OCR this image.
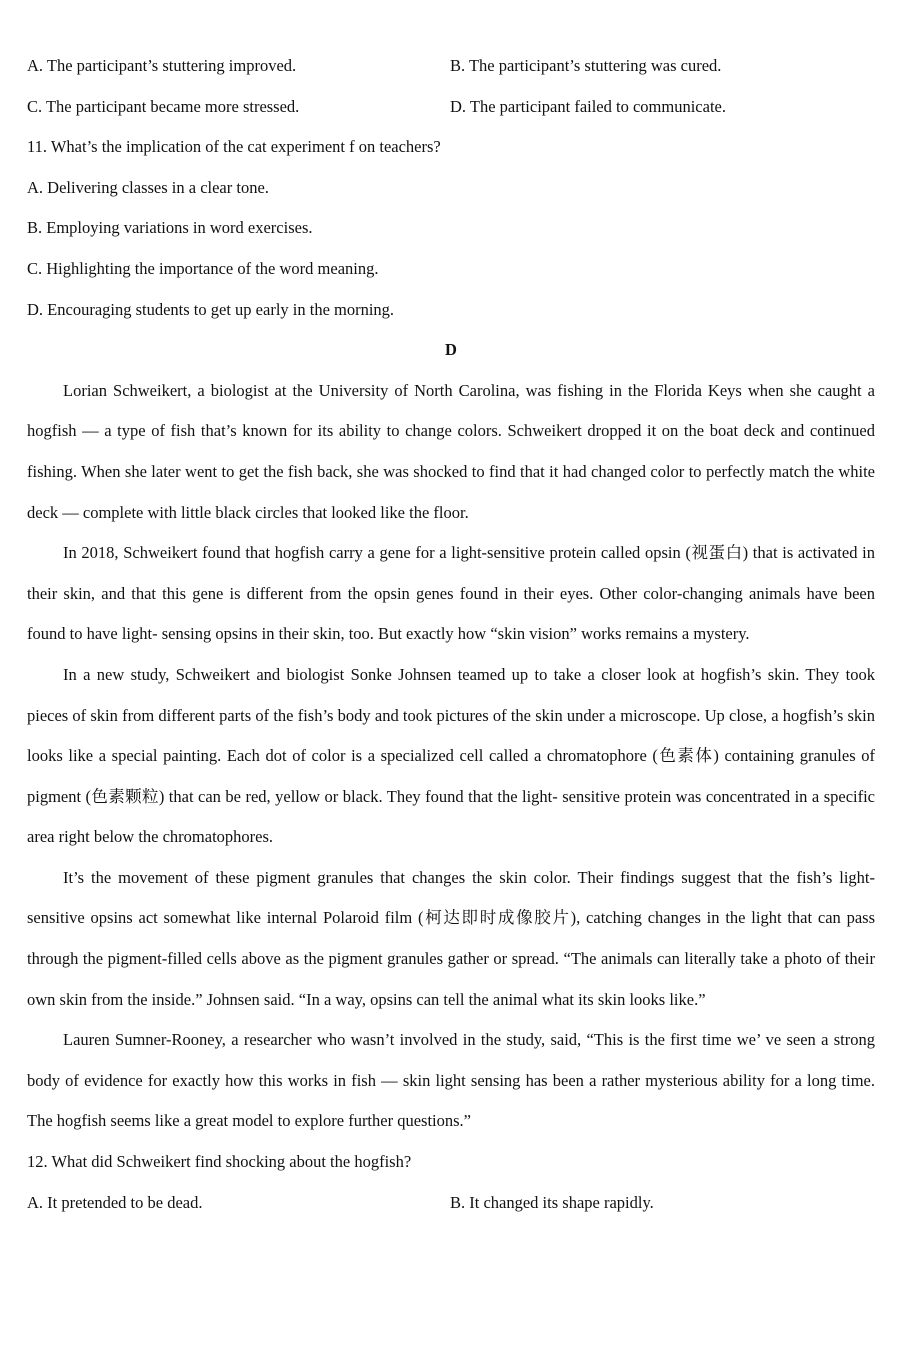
A. The participant’s stuttering improved.	B. The participant’s stuttering was cured.
C. The participant became more stressed.	D. The participant failed to communicate.
11. What’s the implication of the cat experiment f on teachers?
A. Delivering classes in a clear tone.
B. Employing variations in word exercises.
C. Highlighting the importance of the word meaning.
D. Encouraging students to get up early in the morning.
D

Lorian Schweikert, a biologist at the University of North Carolina, was fishing in the Florida Keys when she caught a hogfish — a type of fish that’s known for its ability to change colors. Schweikert dropped it on the boat deck and continued fishing. When she later went to get the fish back, she was shocked to find that it had changed color to perfectly match the white deck — complete with little black circles that looked like the floor.

In 2018, Schweikert found that hogfish carry a gene for a light-sensitive protein called opsin (视蛋白) that is activated in their skin, and that this gene is different from the opsin genes found in their eyes. Other color-changing animals have been found to have light- sensing opsins in their skin, too. But exactly how “skin vision” works remains a mystery.

In a new study, Schweikert and biologist Sonke Johnsen teamed up to take a closer look at hogfish’s skin. They took pieces of skin from different parts of the fish’s body and took pictures of the skin under a microscope. Up close, a hogfish’s skin looks like a special painting. Each dot of color is a specialized cell called a chromatophore (色素体) containing granules of pigment (色素颗粒) that can be red, yellow or black. They found that the light- sensitive protein was concentrated in a specific area right below the chromatophores.

It’s the movement of these pigment granules that changes the skin color. Their findings suggest that the fish’s light-sensitive opsins act somewhat like internal Polaroid film (柯达即时成像胶片), catching changes in the light that can pass through the pigment-filled cells above as the pigment granules gather or spread. “The animals can literally take a photo of their own skin from the inside.” Johnsen said. “In a way, opsins can tell the animal what its skin looks like.”

Lauren Sumner-Rooney, a researcher who wasn’t involved in the study, said, “This is the first time we’ ve seen a strong body of evidence for exactly how this works in fish — skin light sensing has been a rather mysterious ability for a long time. The hogfish seems like a great model to explore further questions.”

12. What did Schweikert find shocking about the hogfish?
A. It pretended to be dead.	B. It changed its shape rapidly.
